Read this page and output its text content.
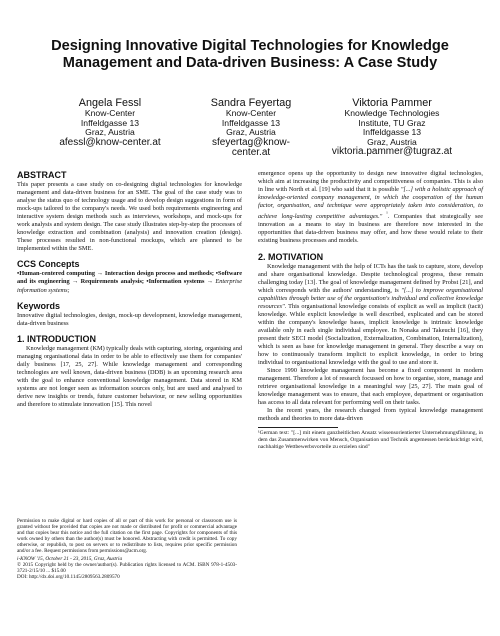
Designing Innovative Digital Technologies for Knowledge
Management and Data-driven Business: A Case Study
Angela Fessl
Know-Center
Inffeldgasse 13
Graz, Austria
afessl@know-center.at
Sandra Feyertag
Know-Center
Inffeldgasse 13
Graz, Austria
sfeyertag@know-
center.at
Viktoria Pammer
Knowledge Technologies
Institute, TU Graz
Inffeldgasse 13
Graz, Austria
viktoria.pammer@tugraz.at
ABSTRACT

This paper presents a case study on co-designing digital technologies for knowledge management and data-driven business for an SME. The goal of the case study was to analyse the status quo of technology usage and to develop design suggestions in form of mock-ups tailored to the company's needs. We used both requirements engineering and interactive system design methods such as interviews, workshops, and mock-ups for work analysis and system design. The case study illustrates step-by-step the processes of knowledge extraction and combination (analysis) and innovation creation (design). These processes resulted in non-functional mockups, which are planned to be implemented within the SME.

CCS Concepts

•Human-centered computing → Interaction design process and methods; •Software and its engineering → Requirements analysis; •Information systems → Enterprise information systems;

Keywords

Innovative digital technologies, design, mock-up development, knowledge management, data-driven business

1. INTRODUCTION

Knowledge management (KM) typically deals with capturing, storing, organising and managing organisational data in order to be able to effectively use them for companies' daily business [17, 25, 27]. While knowledge management and corresponding technologies are well known, data-driven business (DDB) is an upcoming research area with the goal to enhance conventional knowledge management. Data stored in KM systems are not longer seen as information sources only, but are used and analysed to derive new insights or trends, future customer behaviour, or new selling opportunities and therefore to stimulate innovation [15]. This novel

Permission to make digital or hard copies of all or part of this work for personal or classroom use is granted without fee provided that copies are not made or distributed for profit or commercial advantage and that copies bear this notice and the full citation on the first page. Copyrights for components of this work owned by others than the author(s) must be honored. Abstracting with credit is permitted. To copy otherwise, or republish, to post on servers or to redistribute to lists, requires prior specific permission and/or a fee. Request permissions from permissions@acm.org.

i-KNOW '15, October 21 - 23, 2015, Graz, Austria

© 2015 Copyright held by the owner/author(s). Publication rights licensed to ACM. ISBN 978-1-4503-3721-2/15/10 ... $15.00

DOI: http://dx.doi.org/10.1145/2809563.2809570

emergence opens up the opportunity to design new innovative digital technologies, which aim at increasing the productivity and competitiveness of companies. This is also in line with North et al. [19] who said that it is possible "[...] with a holistic approach of knowledge-oriented company management, in which the cooperation of the human factor, organisation, and technique were appropriately taken into consideration, to achieve long-lasting competitive advantages." $^{^1}$. Companies that strategically see innovation as a means to stay in business are therefore now interested in the opportunities that data-driven business may offer, and how these would relate to their existing business processes and models.

2. MOTIVATION

Knowledge management with the help of ICTs has the task to capture, store, develop and share organisational knowledge. Despite technological progress, these remain challenging today [13]. The goal of knowledge management defined by Probst [21], and which corresponds with the authors' understanding, is "[...] to improve organisational capabilities through better use of the organisation's individual and collective knowledge resources". This organisational knowledge consists of explicit as well as implicit (tacit) knowledge. While explicit knowledge is well described, explicated and can be stored within the company's knowledge bases, implicit knowledge is intrinsic knowledge available only in each single individual employee. In Nonaka and Takeuchi [16], they present their SECI model (Socialization, Externalization, Combination, Internalization), which is seen as base for knowledge management in general. They describe a way on how to continuously transform implicit to explicit knowledge, in order to bring individual to organisational knowledge with the goal to use and store it.

Since 1990 knowledge management has become a fixed component in modern management. Therefore a lot of research focussed on how to organise, store, manage and retrieve organisational knowledge in a meaningful way [25, 27]. The main goal of knowledge management was to ensure, that each employee, department or organisation has access to all data relevant for performing well on their tasks.

In the recent years, the research changed from typical knowledge management methods and theories to more data-driven

¹German text: "[...] mit einem ganzheitlichen Ansatz wissensorientierter Unternehmungsführung, in dem das Zusammenwirken von Mensch, Organisation und Technik angemessen berücksichtigt wird, nachhaltige Wettbewerbsvorteile zu erzielen sind"
